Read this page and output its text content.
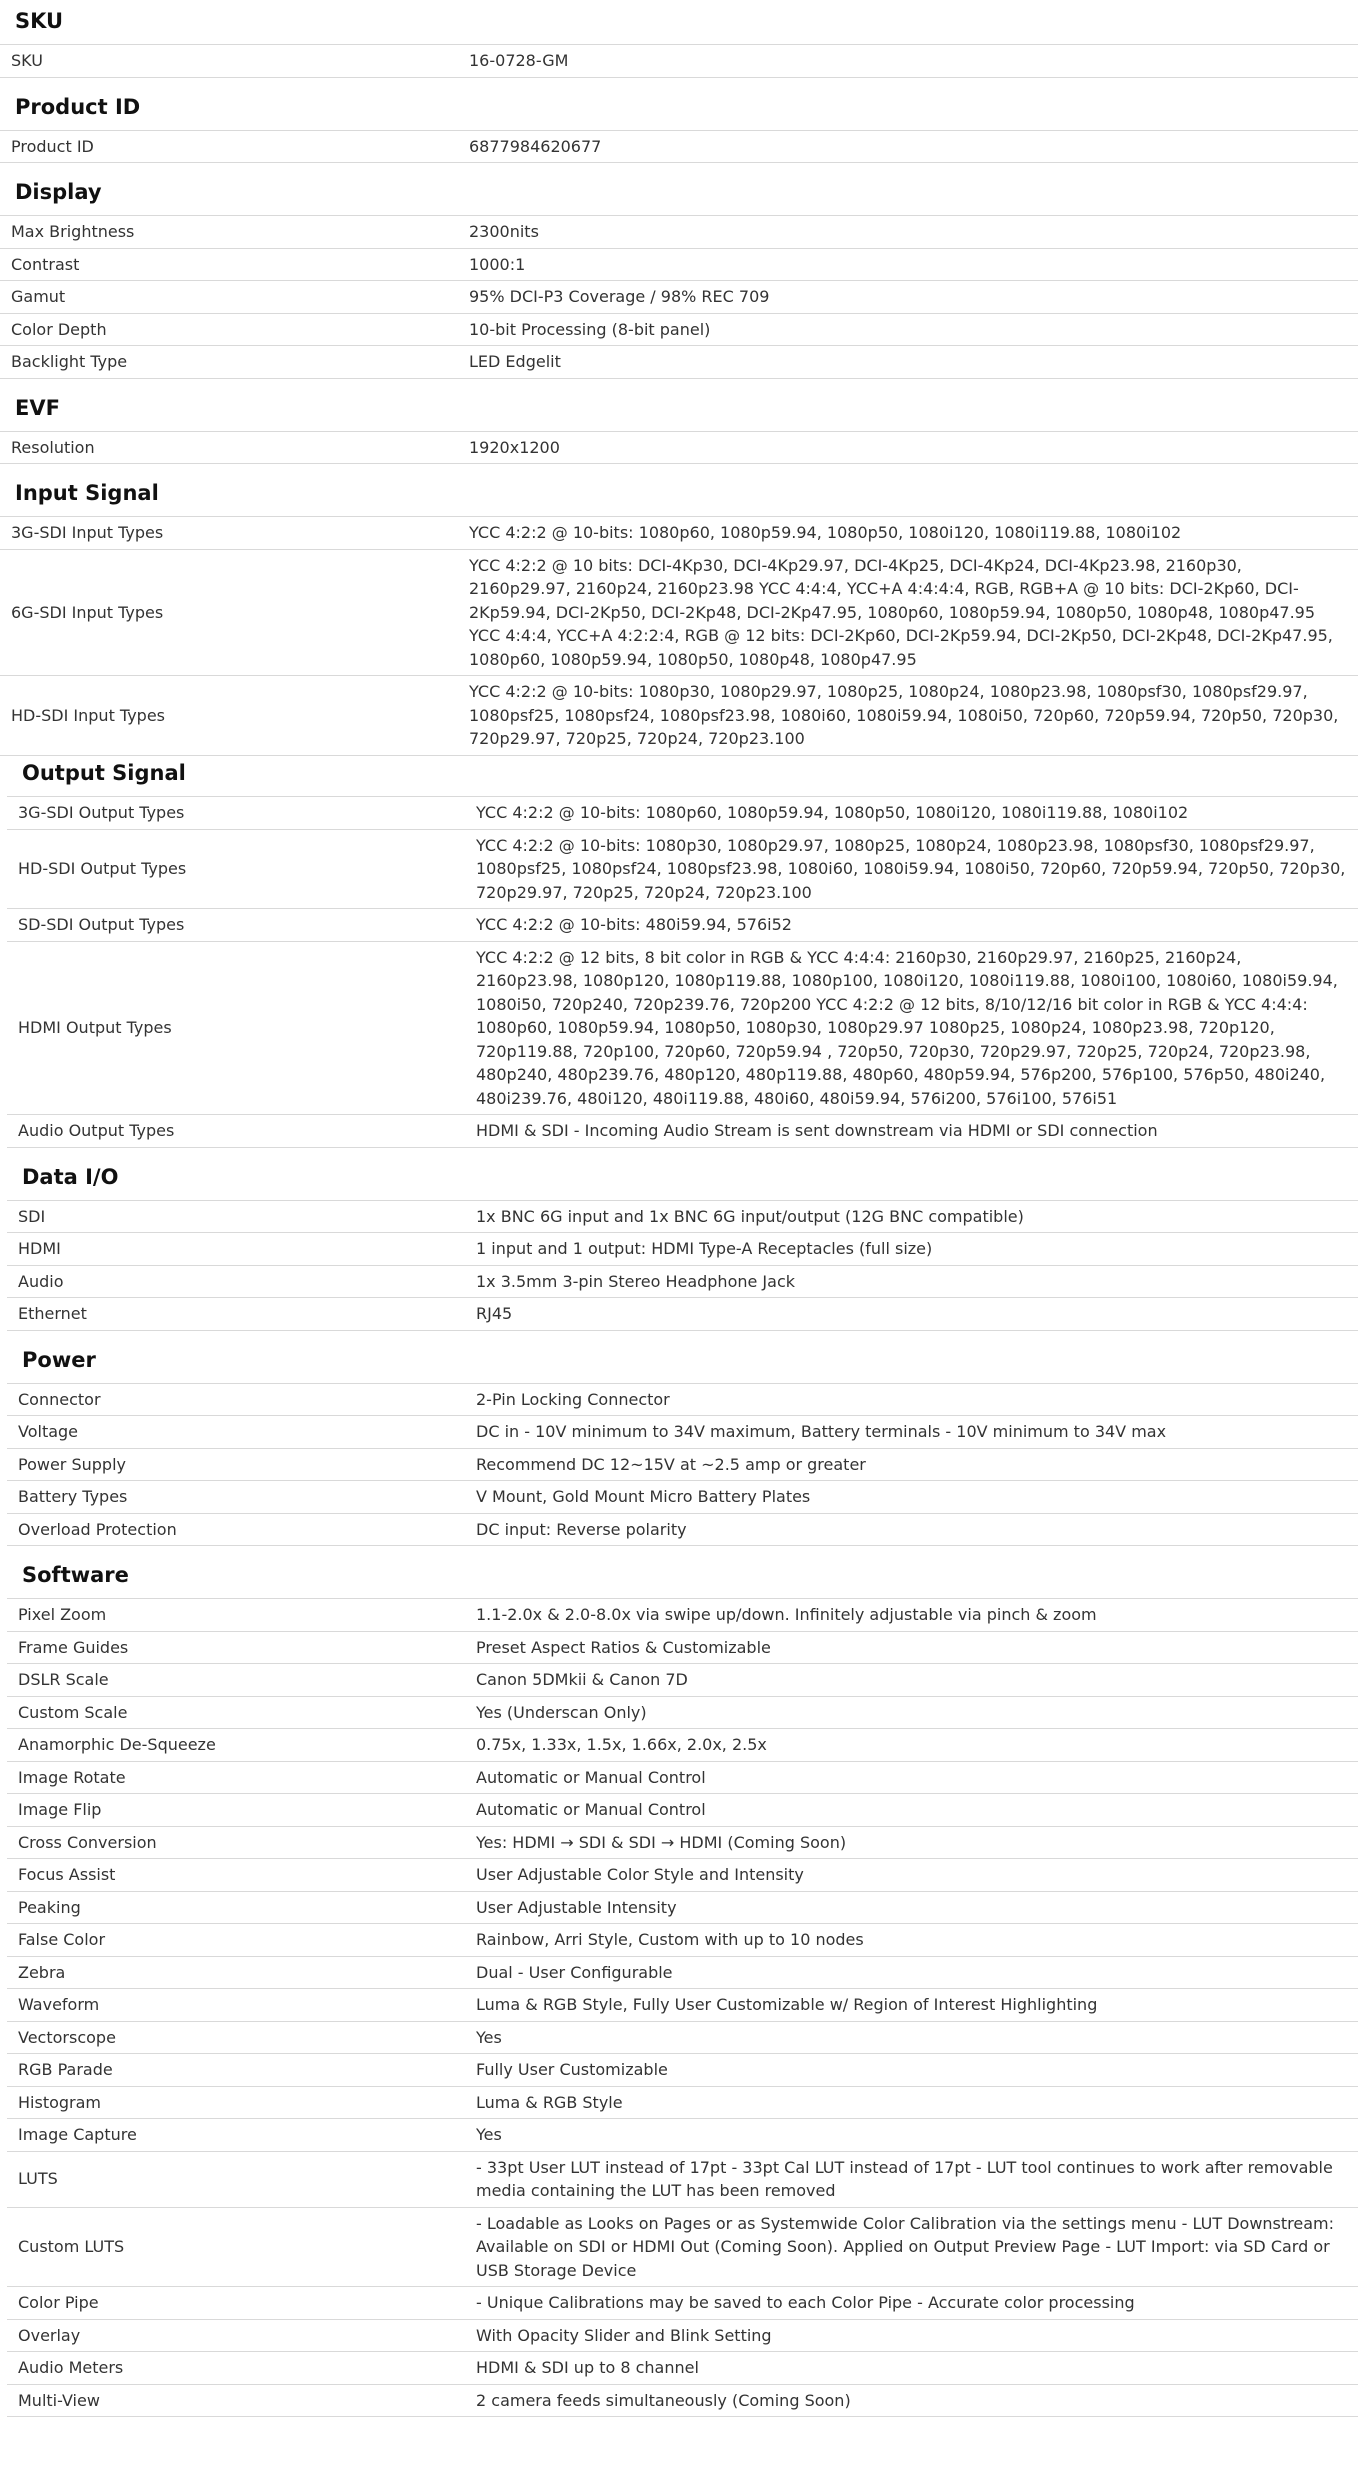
SKU
SKU	16-0728-GM
Product ID
Product ID	6877984620677
Display
Max Brightness	2300nits
Contrast	1000:1
Gamut	95% DCI-P3 Coverage / 98% REC 709
Color Depth	10-bit Processing (8-bit panel)
Backlight Type	LED Edgelit
EVF
Resolution	1920x1200
Input Signal
3G-SDI Input Types	YCC 4:2:2 @ 10-bits: 1080p60, 1080p59.94, 1080p50, 1080i120, 1080i119.88, 1080i102
6G-SDI Input Types	YCC 4:2:2 @ 10 bits: DCI-4Kp30, DCI-4Kp29.97, DCI-4Kp25, DCI-4Kp24, DCI-4Kp23.98, 2160p30, 2160p29.97, 2160p24, 2160p23.98 YCC 4:4:4, YCC+A 4:4:4:4, RGB, RGB+A @ 10 bits: DCI-2Kp60, DCI-2Kp59.94, DCI-2Kp50, DCI-2Kp48, DCI-2Kp47.95, 1080p60, 1080p59.94, 1080p50, 1080p48, 1080p47.95 YCC 4:4:4, YCC+A 4:2:2:4, RGB @ 12 bits: DCI-2Kp60, DCI-2Kp59.94, DCI-2Kp50, DCI-2Kp48, DCI-2Kp47.95, 1080p60, 1080p59.94, 1080p50, 1080p48, 1080p47.95
HD-SDI Input Types	YCC 4:2:2 @ 10-bits: 1080p30, 1080p29.97, 1080p25, 1080p24, 1080p23.98, 1080psf30, 1080psf29.97, 1080psf25, 1080psf24, 1080psf23.98, 1080i60, 1080i59.94, 1080i50, 720p60, 720p59.94, 720p50, 720p30, 720p29.97, 720p25, 720p24, 720p23.100
Output Signal
3G-SDI Output Types	YCC 4:2:2 @ 10-bits: 1080p60, 1080p59.94, 1080p50, 1080i120, 1080i119.88, 1080i102
HD-SDI Output Types	YCC 4:2:2 @ 10-bits: 1080p30, 1080p29.97, 1080p25, 1080p24, 1080p23.98, 1080psf30, 1080psf29.97, 1080psf25, 1080psf24, 1080psf23.98, 1080i60, 1080i59.94, 1080i50, 720p60, 720p59.94, 720p50, 720p30, 720p29.97, 720p25, 720p24, 720p23.100
SD-SDI Output Types	YCC 4:2:2 @ 10-bits: 480i59.94, 576i52
HDMI Output Types	YCC 4:2:2 @ 12 bits, 8 bit color in RGB & YCC 4:4:4: 2160p30, 2160p29.97, 2160p25, 2160p24, 2160p23.98, 1080p120, 1080p119.88, 1080p100, 1080i120, 1080i119.88, 1080i100, 1080i60, 1080i59.94, 1080i50, 720p240, 720p239.76, 720p200 YCC 4:2:2 @ 12 bits, 8/10/12/16 bit color in RGB & YCC 4:4:4: 1080p60, 1080p59.94, 1080p50, 1080p30, 1080p29.97 1080p25, 1080p24, 1080p23.98, 720p120, 720p119.88, 720p100, 720p60, 720p59.94 , 720p50, 720p30, 720p29.97, 720p25, 720p24, 720p23.98, 480p240, 480p239.76, 480p120, 480p119.88, 480p60, 480p59.94, 576p200, 576p100, 576p50, 480i240, 480i239.76, 480i120, 480i119.88, 480i60, 480i59.94, 576i200, 576i100, 576i51
Audio Output Types	HDMI & SDI - Incoming Audio Stream is sent downstream via HDMI or SDI connection
Data I/O
SDI	1x BNC 6G input and 1x BNC 6G input/output (12G BNC compatible)
HDMI	1 input and 1 output: HDMI Type-A Receptacles (full size)
Audio	1x 3.5mm 3-pin Stereo Headphone Jack
Ethernet	RJ45
Power
Connector	2-Pin Locking Connector
Voltage	DC in - 10V minimum to 34V maximum, Battery terminals - 10V minimum to 34V max
Power Supply	Recommend DC 12~15V at ~2.5 amp or greater
Battery Types	V Mount, Gold Mount Micro Battery Plates
Overload Protection	DC input: Reverse polarity
Software
Pixel Zoom	1.1-2.0x & 2.0-8.0x via swipe up/down. Infinitely adjustable via pinch & zoom
Frame Guides	Preset Aspect Ratios & Customizable
DSLR Scale	Canon 5DMkii & Canon 7D
Custom Scale	Yes (Underscan Only)
Anamorphic De-Squeeze	0.75x, 1.33x, 1.5x, 1.66x, 2.0x, 2.5x
Image Rotate	Automatic or Manual Control
Image Flip	Automatic or Manual Control
Cross Conversion	Yes: HDMI → SDI & SDI → HDMI (Coming Soon)
Focus Assist	User Adjustable Color Style and Intensity
Peaking	User Adjustable Intensity
False Color	Rainbow, Arri Style, Custom with up to 10 nodes
Zebra	Dual - User Configurable
Waveform	Luma & RGB Style, Fully User Customizable w/ Region of Interest Highlighting
Vectorscope	Yes
RGB Parade	Fully User Customizable
Histogram	Luma & RGB Style
Image Capture	Yes
LUTS	- 33pt User LUT instead of 17pt - 33pt Cal LUT instead of 17pt - LUT tool continues to work after removable media containing the LUT has been removed
Custom LUTS	- Loadable as Looks on Pages or as Systemwide Color Calibration via the settings menu - LUT Downstream: Available on SDI or HDMI Out (Coming Soon). Applied on Output Preview Page - LUT Import: via SD Card or USB Storage Device
Color Pipe	- Unique Calibrations may be saved to each Color Pipe - Accurate color processing
Overlay	With Opacity Slider and Blink Setting
Audio Meters	HDMI & SDI up to 8 channel
Multi-View	2 camera feeds simultaneously (Coming Soon)
